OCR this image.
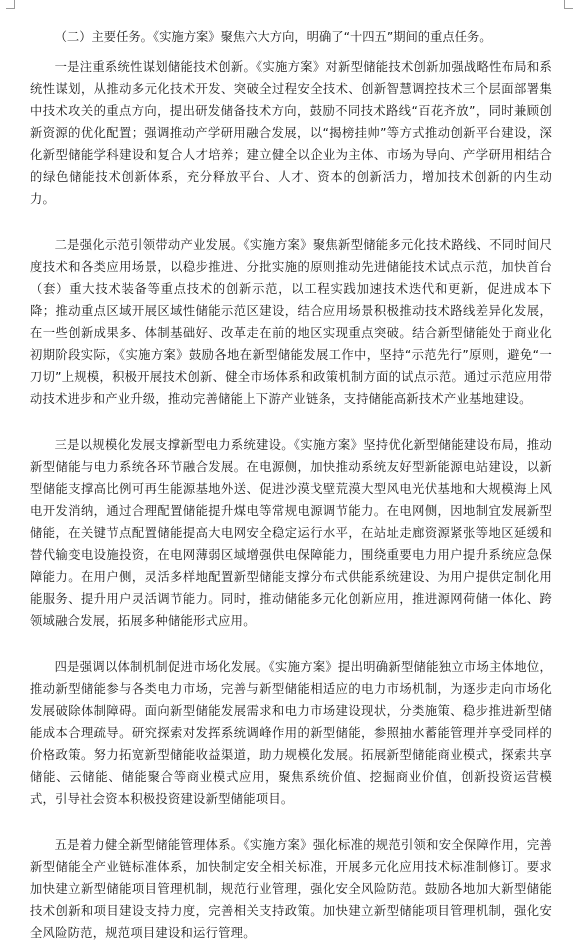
（二）主要任务。《实施方案》聚焦六大方向，明确了“十四五”期间的重点任务。

一是注重系统性谋划储能技术创新。《实施方案》对新型储能技术创新加强战略性布局和系统性谋划，从推动多元化技术开发、突破全过程安全技术、创新智慧调控技术三个层面部署集中技术攻关的重点方向，提出研发储备技术方向，鼓励不同技术路线“百花齐放”，同时兼顾创新资源的优化配置；强调推动产学研用融合发展，以“揭榜挂帅”等方式推动创新平台建设，深化新型储能学科建设和复合人才培养；建立健全以企业为主体、市场为导向、产学研用相结合的绿色储能技术创新体系，充分释放平台、人才、资本的创新活力，增加技术创新的内生动力。

二是强化示范引领带动产业发展。《实施方案》聚焦新型储能多元化技术路线、不同时间尺度技术和各类应用场景，以稳步推进、分批实施的原则推动先进储能技术试点示范，加快首台（套）重大技术装备等重点技术的创新示范，以工程实践加速技术迭代和更新，促进成本下降；推动重点区域开展区域性储能示范区建设，结合应用场景积极推动技术路线差异化发展，在一些创新成果多、体制基础好、改革走在前的地区实现重点突破。结合新型储能处于商业化初期阶段实际，《实施方案》鼓励各地在新型储能发展工作中，坚持“示范先行”原则，避免“一刀切”上规模，积极开展技术创新、健全市场体系和政策机制方面的试点示范。通过示范应用带动技术进步和产业升级，推动完善储能上下游产业链条，支持储能高新技术产业基地建设。

三是以规模化发展支撑新型电力系统建设。《实施方案》坚持优化新型储能建设布局，推动新型储能与电力系统各环节融合发展。在电源侧，加快推动系统友好型新能源电站建设，以新型储能支撑高比例可再生能源基地外送、促进沙漠戈壁荒漠大型风电光伏基地和大规模海上风电开发消纳，通过合理配置储能提升煤电等常规电源调节能力。在电网侧，因地制宜发展新型储能，在关键节点配置储能提高大电网安全稳定运行水平，在站址走廊资源紧张等地区延缓和替代输变电设施投资，在电网薄弱区域增强供电保障能力，围绕重要电力用户提升系统应急保障能力。在用户侧，灵活多样地配置新型储能支撑分布式供能系统建设、为用户提供定制化用能服务、提升用户灵活调节能力。同时，推动储能多元化创新应用，推进源网荷储一体化、跨领域融合发展，拓展多种储能形式应用。

四是强调以体制机制促进市场化发展。《实施方案》提出明确新型储能独立市场主体地位，推动新型储能参与各类电力市场，完善与新型储能相适应的电力市场机制，为逐步走向市场化发展破除体制障碍。面向新型储能发展需求和电力市场建设现状，分类施策、稳步推进新型储能成本合理疏导。研究探索对发挥系统调峰作用的新型储能，参照抽水蓄能管理并享受同样的价格政策。努力拓宽新型储能收益渠道，助力规模化发展。拓展新型储能商业模式，探索共享储能、云储能、储能聚合等商业模式应用，聚焦系统价值、挖掘商业价值，创新投资运营模式，引导社会资本积极投资建设新型储能项目。

五是着力健全新型储能管理体系。《实施方案》强化标准的规范引领和安全保障作用，完善新型储能全产业链标准体系，加快制定安全相关标准，开展多元化应用技术标准制修订。要求加快建立新型储能项目管理机制，规范行业管理，强化安全风险防范。鼓励各地加大新型储能技术创新和项目建设支持力度，完善相关支持政策。加快建立新型储能项目管理机制，强化安全风险防范，规范项目建设和运行管理。
